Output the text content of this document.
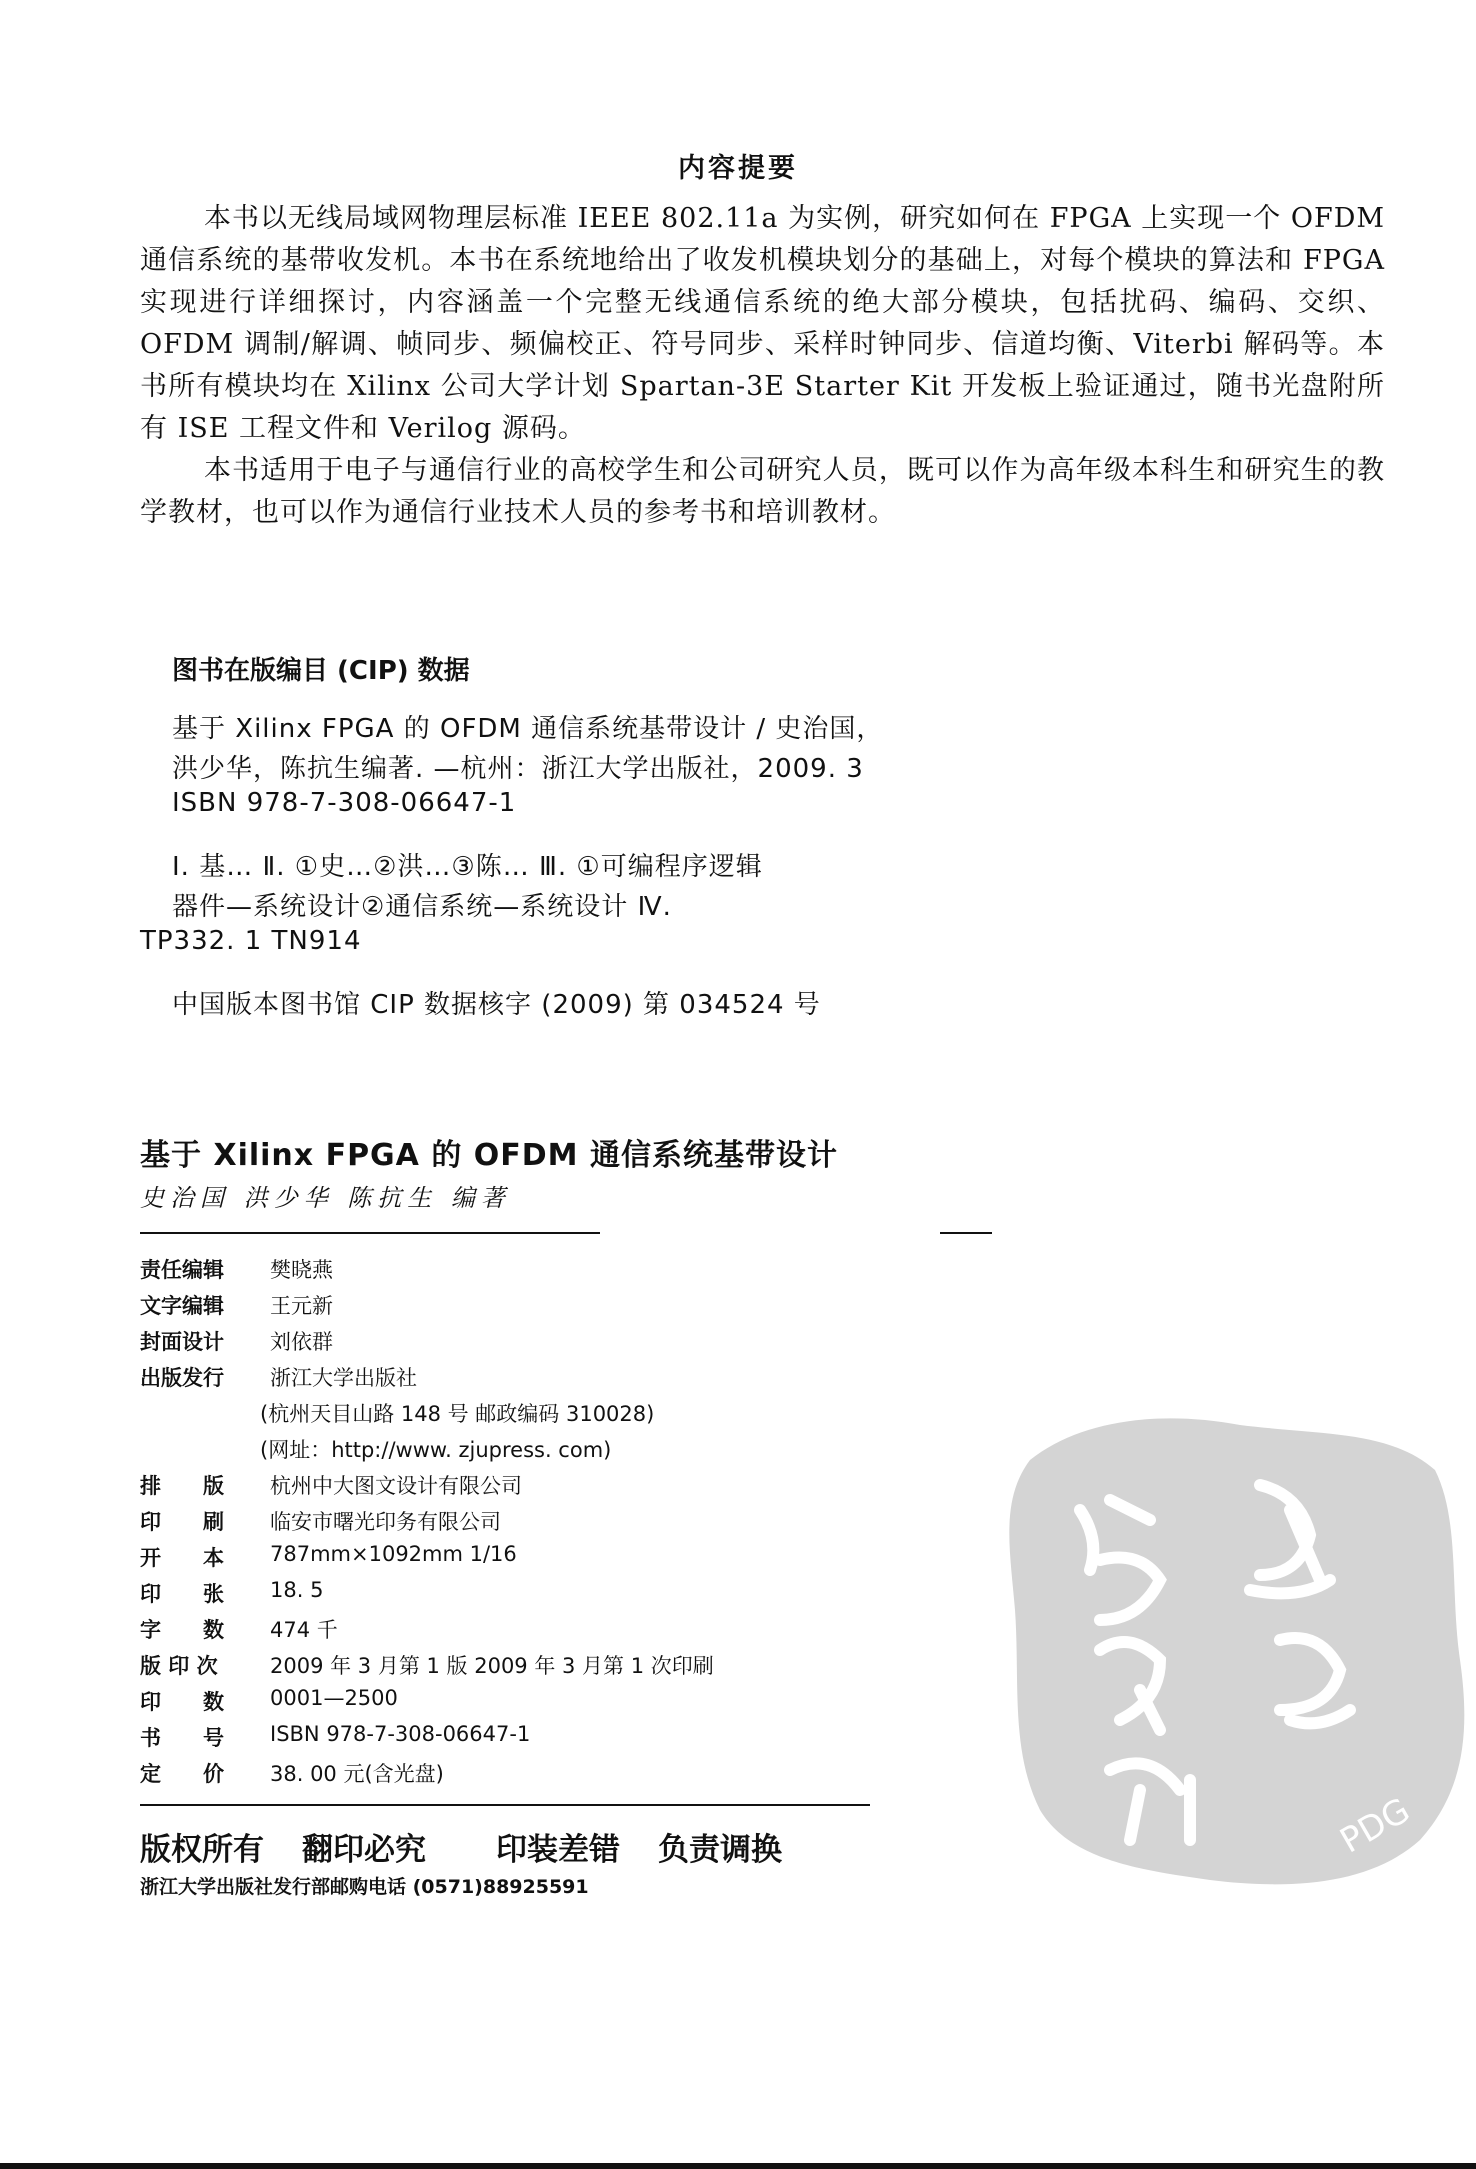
内容提要

本书以无线局域网物理层标准 IEEE 802.11a 为实例，研究如何在 FPGA 上实现一个 OFDM 通信系统的基带收发机。本书在系统地给出了收发机模块划分的基础上，对每个模块的算法和 FPGA 实现进行详细探讨，内容涵盖一个完整无线通信系统的绝大部分模块，包括扰码、编码、交织、OFDM 调制/解调、帧同步、频偏校正、符号同步、采样时钟同步、信道均衡、Viterbi 解码等。本书所有模块均在 Xilinx 公司大学计划 Spartan-3E Starter Kit 开发板上验证通过，随书光盘附所有 ISE 工程文件和 Verilog 源码。

本书适用于电子与通信行业的高校学生和公司研究人员，既可以作为高年级本科生和研究生的教学教材，也可以作为通信行业技术人员的参考书和培训教材。

图书在版编目 (CIP) 数据
基于 Xilinx FPGA 的 OFDM 通信系统基带设计 / 史治国，
洪少华，陈抗生编著. —杭州：浙江大学出版社，2009. 3
ISBN 978-7-308-06647-1
Ⅰ. 基… Ⅱ. ①史…②洪…③陈… Ⅲ. ①可编程序逻辑
器件—系统设计②通信系统—系统设计 Ⅳ.
TP332. 1 TN914
中国版本图书馆 CIP 数据核字 (2009) 第 034524 号
基于 Xilinx FPGA 的 OFDM 通信系统基带设计
史治国 洪少华 陈抗生 编著
责任编辑	樊晓燕
文字编辑	王元新
封面设计	刘依群
出版发行	浙江大学出版社
(杭州天目山路 148 号 邮政编码 310028)
(网址：http://www. zjupress. com)
排　　版	杭州中大图文设计有限公司
印　　刷	临安市曙光印务有限公司
开　　本	787mm×1092mm 1/16
印　　张	18. 5
字　　数	474 千
版 印 次	2009 年 3 月第 1 版 2009 年 3 月第 1 次印刷
印　　数	0001—2500
书　　号	ISBN 978-7-308-06647-1
定　　价	38. 00 元(含光盘)
版权所有 翻印必究 印装差错 负责调换
浙江大学出版社发行部邮购电话 (0571)88925591
PDG
